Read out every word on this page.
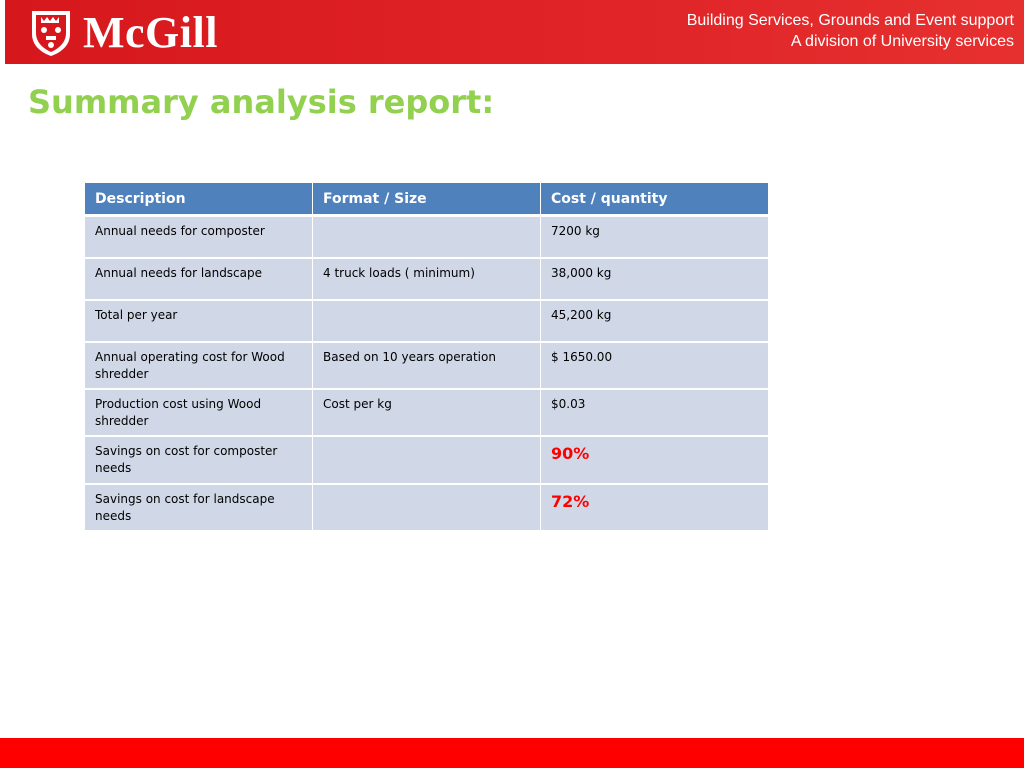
McGill	Building Services, Grounds and Event support
A division of University services
Summary analysis report:
Description	Format / Size	Cost / quantity
Annual needs for composter		7200 kg
Annual needs for landscape	4 truck loads ( minimum)	38,000 kg
Total per year		45,200 kg
Annual operating cost for Wood shredder	Based on 10 years operation	$ 1650.00
Production cost using Wood shredder	Cost per kg	$0.03
Savings on cost for composter needs		90%
Savings on cost for landscape needs		72%
